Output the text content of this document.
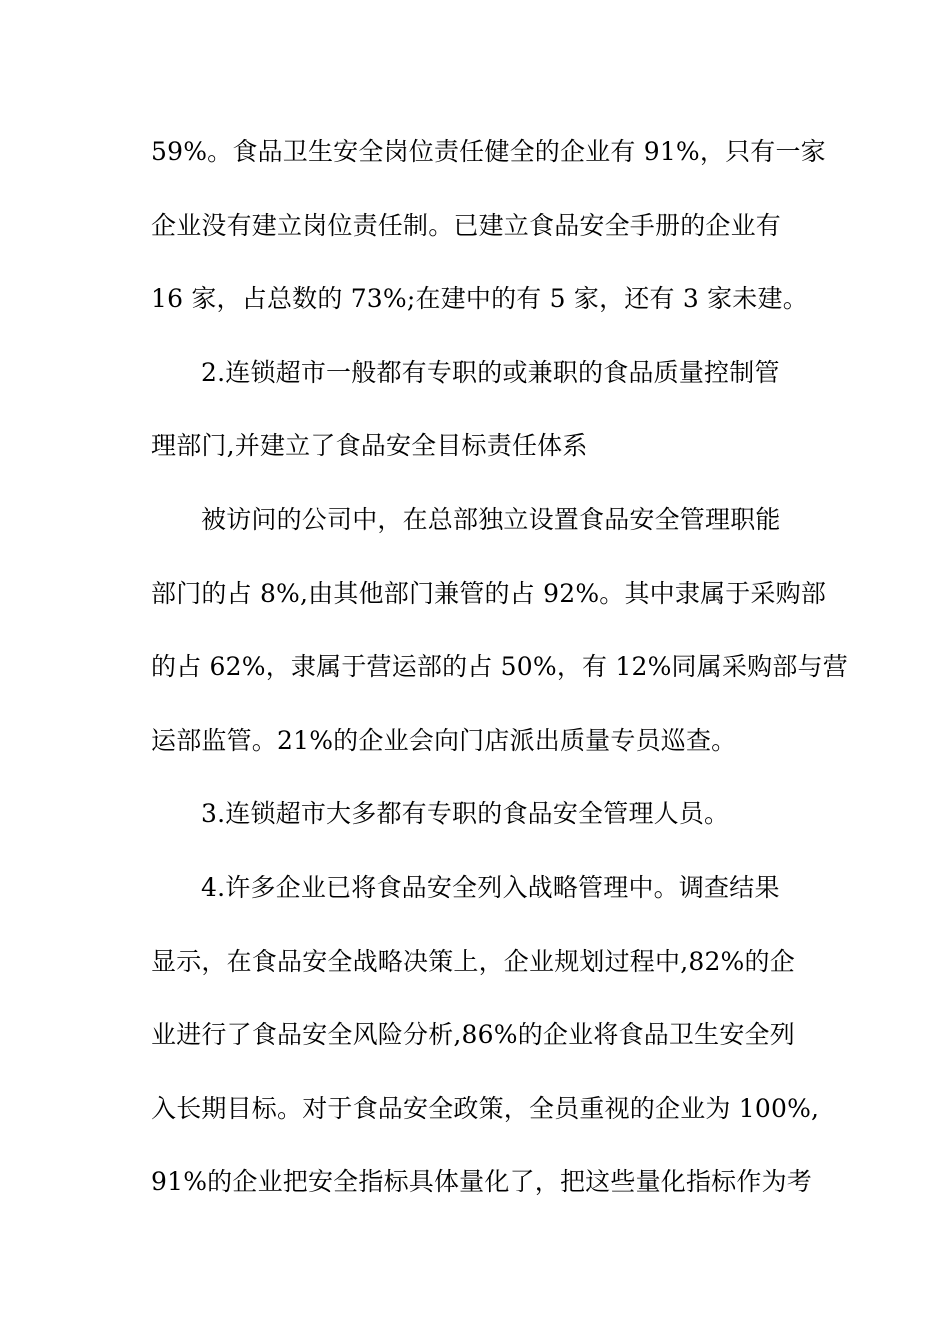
59%。食品卫生安全岗位责任健全的企业有 91%，只有一家
企业没有建立岗位责任制。已建立食品安全手册的企业有
16 家，占总数的 73%;在建中的有 5 家，还有 3 家未建。
2.连锁超市一般都有专职的或兼职的食品质量控制管
理部门,并建立了食品安全目标责任体系
被访问的公司中，在总部独立设置食品安全管理职能
部门的占 8%,由其他部门兼管的占 92%。其中隶属于采购部
的占 62%，隶属于营运部的占 50%，有 12%同属采购部与营
运部监管。21%的企业会向门店派出质量专员巡查。
3.连锁超市大多都有专职的食品安全管理人员。
4.许多企业已将食品安全列入战略管理中。调查结果
显示，在食品安全战略决策上，企业规划过程中,82%的企
业进行了食品安全风险分析,86%的企业将食品卫生安全列
入长期目标。对于食品安全政策，全员重视的企业为 100%,
91%的企业把安全指标具体量化了，把这些量化指标作为考
